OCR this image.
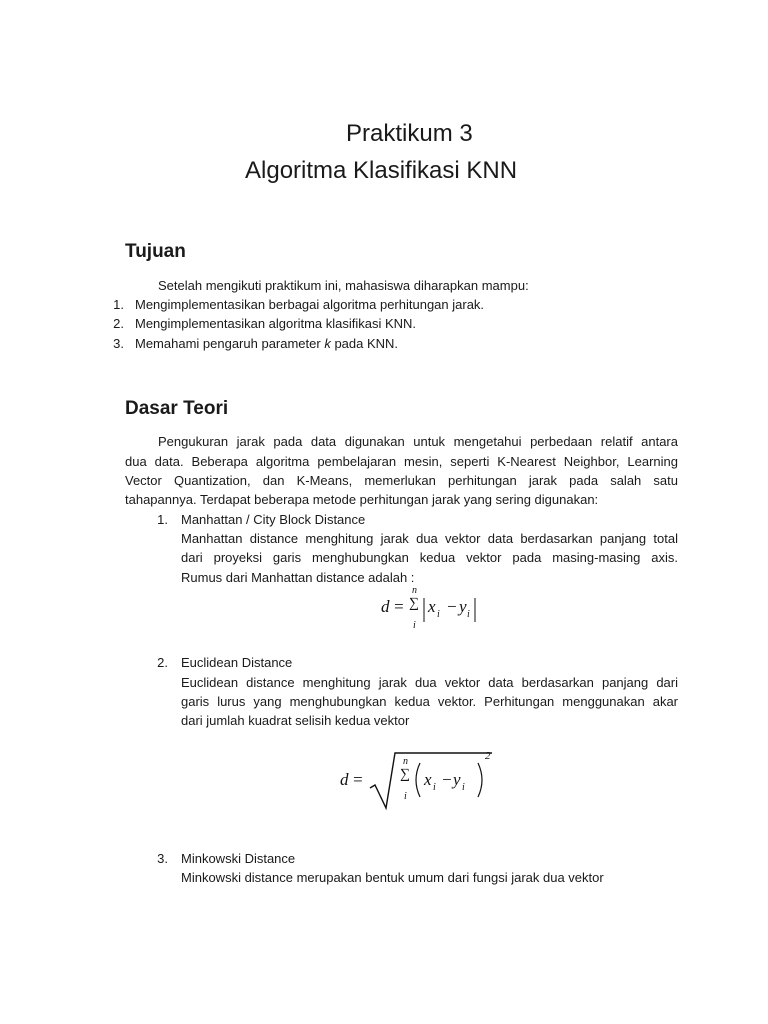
Praktikum 3
Algoritma Klasifikasi KNN
Tujuan
Setelah mengikuti praktikum ini, mahasiswa diharapkan mampu:
1. Mengimplementasikan berbagai algoritma perhitungan jarak.
2. Mengimplementasikan algoritma klasifikasi KNN.
3. Memahami pengaruh parameter k pada KNN.
Dasar Teori
Pengukuran jarak pada data digunakan untuk mengetahui perbedaan relatif antara
dua data. Beberapa algoritma pembelajaran mesin, seperti K-Nearest Neighbor, Learning
Vector Quantization, dan K-Means, memerlukan perhitungan jarak pada salah satu
tahapannya. Terdapat beberapa metode perhitungan jarak yang sering digunakan:
1. Manhattan / City Block Distance
Manhattan distance menghitung jarak dua vektor data berdasarkan panjang total
dari proyeksi garis menghubungkan kedua vektor pada masing-masing axis.
Rumus dari Manhattan distance adalah :
d =
n
∑
i
x i − y i
2. Euclidean Distance
Euclidean distance menghitung jarak dua vektor data berdasarkan panjang dari
garis lurus yang menghubungkan kedua vektor. Perhitungan menggunakan akar
dari jumlah kuadrat selisih kedua vektor
d =
n
∑
i
x i − y i
2
3. Minkowski Distance
Minkowski distance merupakan bentuk umum dari fungsi jarak dua vektor
